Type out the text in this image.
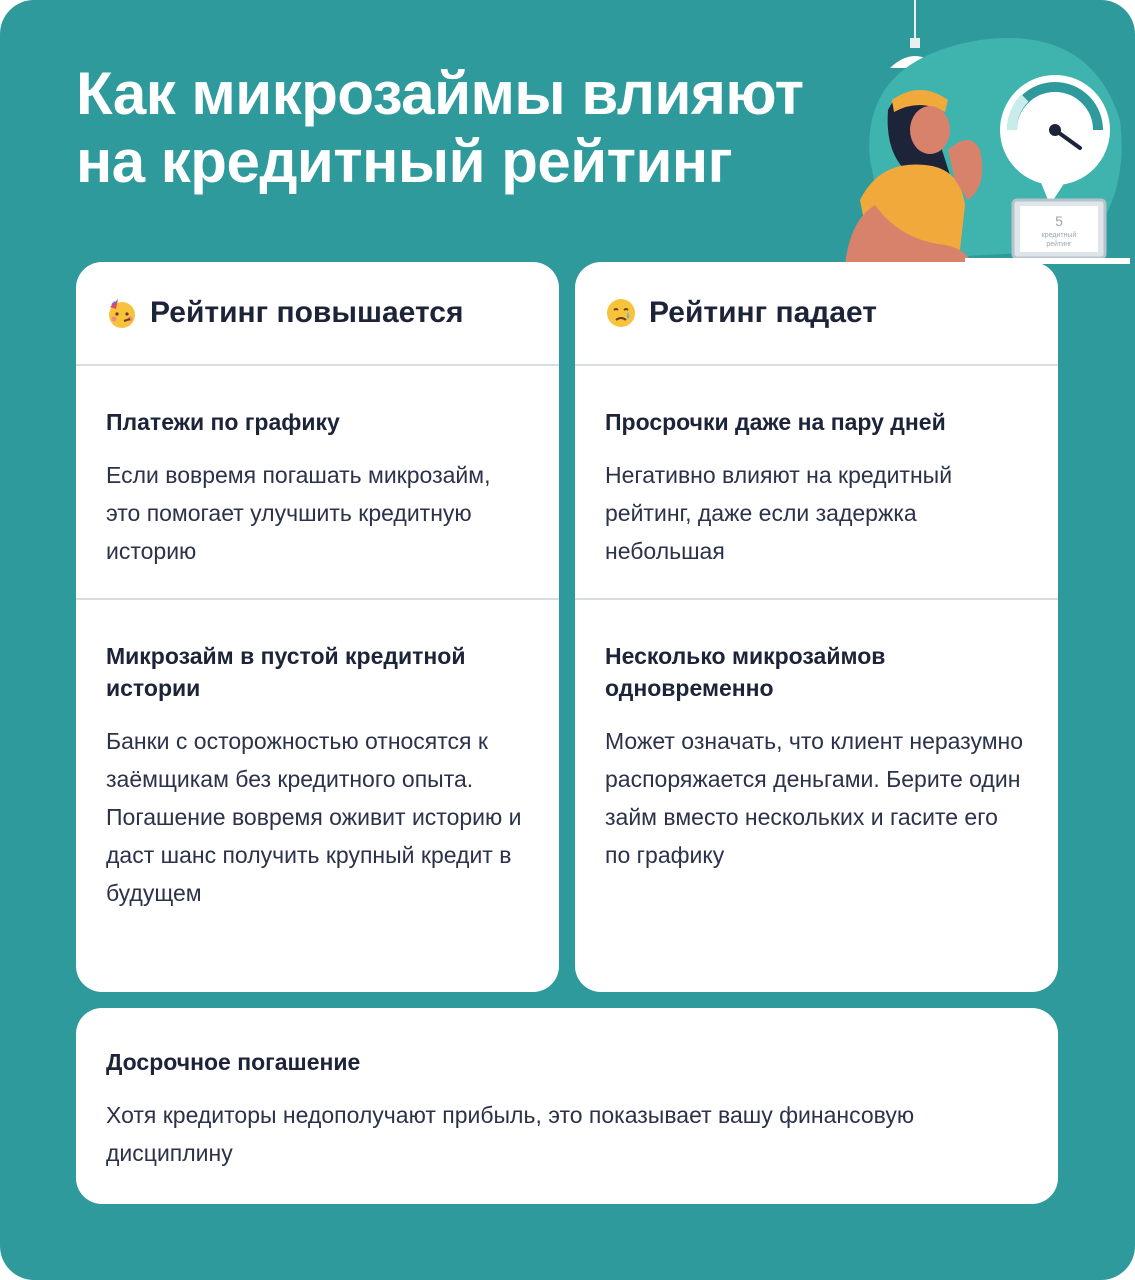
Как микрозаймы влияют
на кредитный рейтинг
5
кредитный
рейтинг
Рейтинг повышается
Платежи по графику

Если вовремя погашать микрозайм, это помогает улучшить кредитную историю

Микрозайм в пустой кредитной истории

Банки с осторожностью относятся к заёмщикам без кредитного опыта. Погашение вовремя оживит историю и даст шанс получить крупный кредит в будущем

Рейтинг падает
Просрочки даже на пару дней

Негативно влияют на кредитный рейтинг, даже если задержка небольшая

Несколько микрозаймов одновременно

Может означать, что клиент неразумно распоряжается деньгами. Берите один займ вместо нескольких и гасите его по графику

Досрочное погашение

Хотя кредиторы недополучают прибыль, это показывает вашу финансовую дисциплину
